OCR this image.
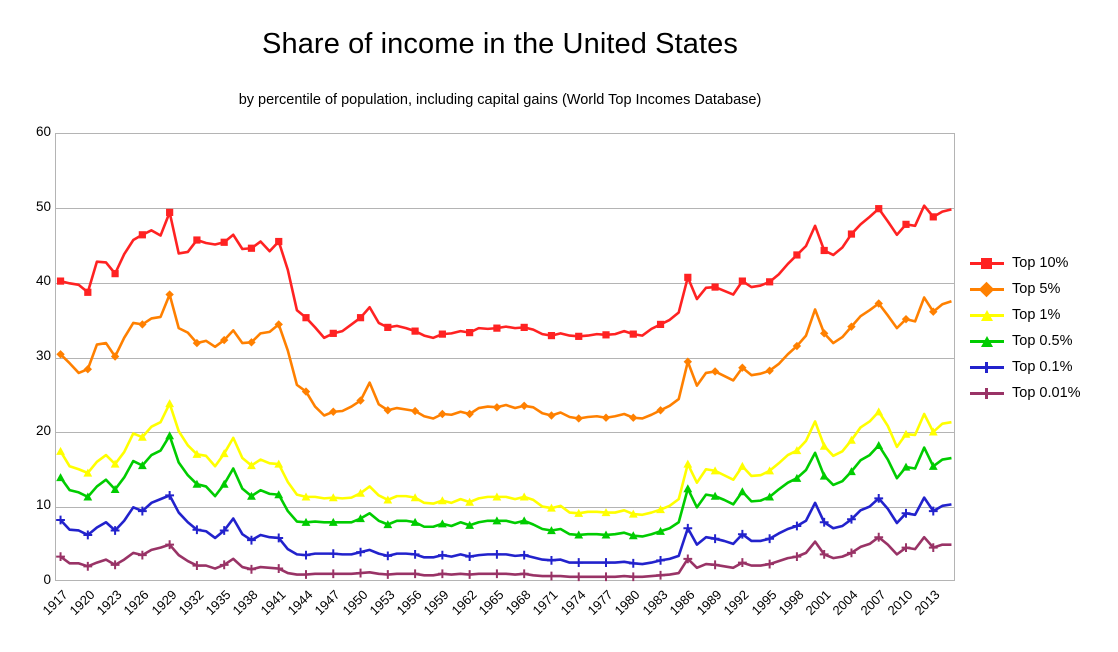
Share of income in the United States
by percentile of population, including capital gains (World Top Incomes Database)
0
10
20
30
40
50
60
1917
1920
1923
1926
1929
1932
1935
1938
1941
1944
1947
1950
1953
1956
1959
1962
1965
1968
1971
1974
1977
1980
1983
1986
1989
1992
1995
1998
2001
2004
2007
2010
2013
Top 10%
Top 5%
Top 1%
Top 0.5%
Top 0.1%
Top 0.01%
